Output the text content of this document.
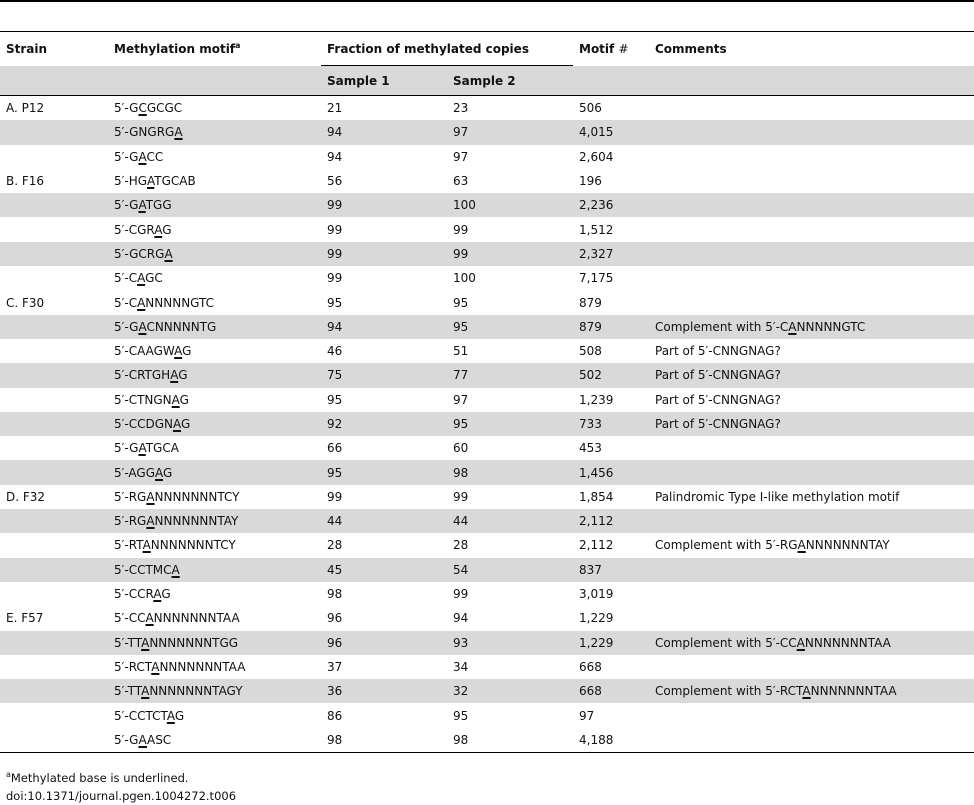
Strain	Methylation motif$^a$	Fraction of methylated copies		Motif #	Comments
		Sample 1	Sample 2		
A. P12	5′-GCGCGC	21	23	506	
	5′-GNGRGA	94	97	4,015	
	5′-GACC	94	97	2,604	
B. F16	5′-HGATGCAB	56	63	196	
	5′-GATGG	99	100	2,236	
	5′-CGRAG	99	99	1,512	
	5′-GCRGA	99	99	2,327	
	5′-CAGC	99	100	7,175	
C. F30	5′-CANNNNNGTC	95	95	879	
	5′-GACNNNNNTG	94	95	879	Complement with 5′-CANNNNNGTC
	5′-CAAGWAG	46	51	508	Part of 5′-CNNGNAG?
	5′-CRTGHAG	75	77	502	Part of 5′-CNNGNAG?
	5′-CTNGNAG	95	97	1,239	Part of 5′-CNNGNAG?
	5′-CCDGNAG	92	95	733	Part of 5′-CNNGNAG?
	5′-GATGCA	66	60	453	
	5′-AGGAG	95	98	1,456	
D. F32	5′-RGANNNNNNNTCY	99	99	1,854	Palindromic Type I-like methylation motif
	5′-RGANNNNNNNTAY	44	44	2,112	
	5′-RTANNNNNNNTCY	28	28	2,112	Complement with 5′-RGANNNNNNNTAY
	5′-CCTMCA	45	54	837	
	5′-CCRAG	98	99	3,019	
E. F57	5′-CCANNNNNNNTAA	96	94	1,229	
	5′-TTANNNNNNNTGG	96	93	1,229	Complement with 5′-CCANNNNNNNTAA
	5′-RCTANNNNNNNTAA	37	34	668	
	5′-TTANNNNNNNTAGY	36	32	668	Complement with 5′-RCTANNNNNNNTAA
	5′-CCTCTAG	86	95	97	
	5′-GAASC	98	98	4,188	
$^a$Methylated base is underlined.
doi:10.1371/journal.pgen.1004272.t006
